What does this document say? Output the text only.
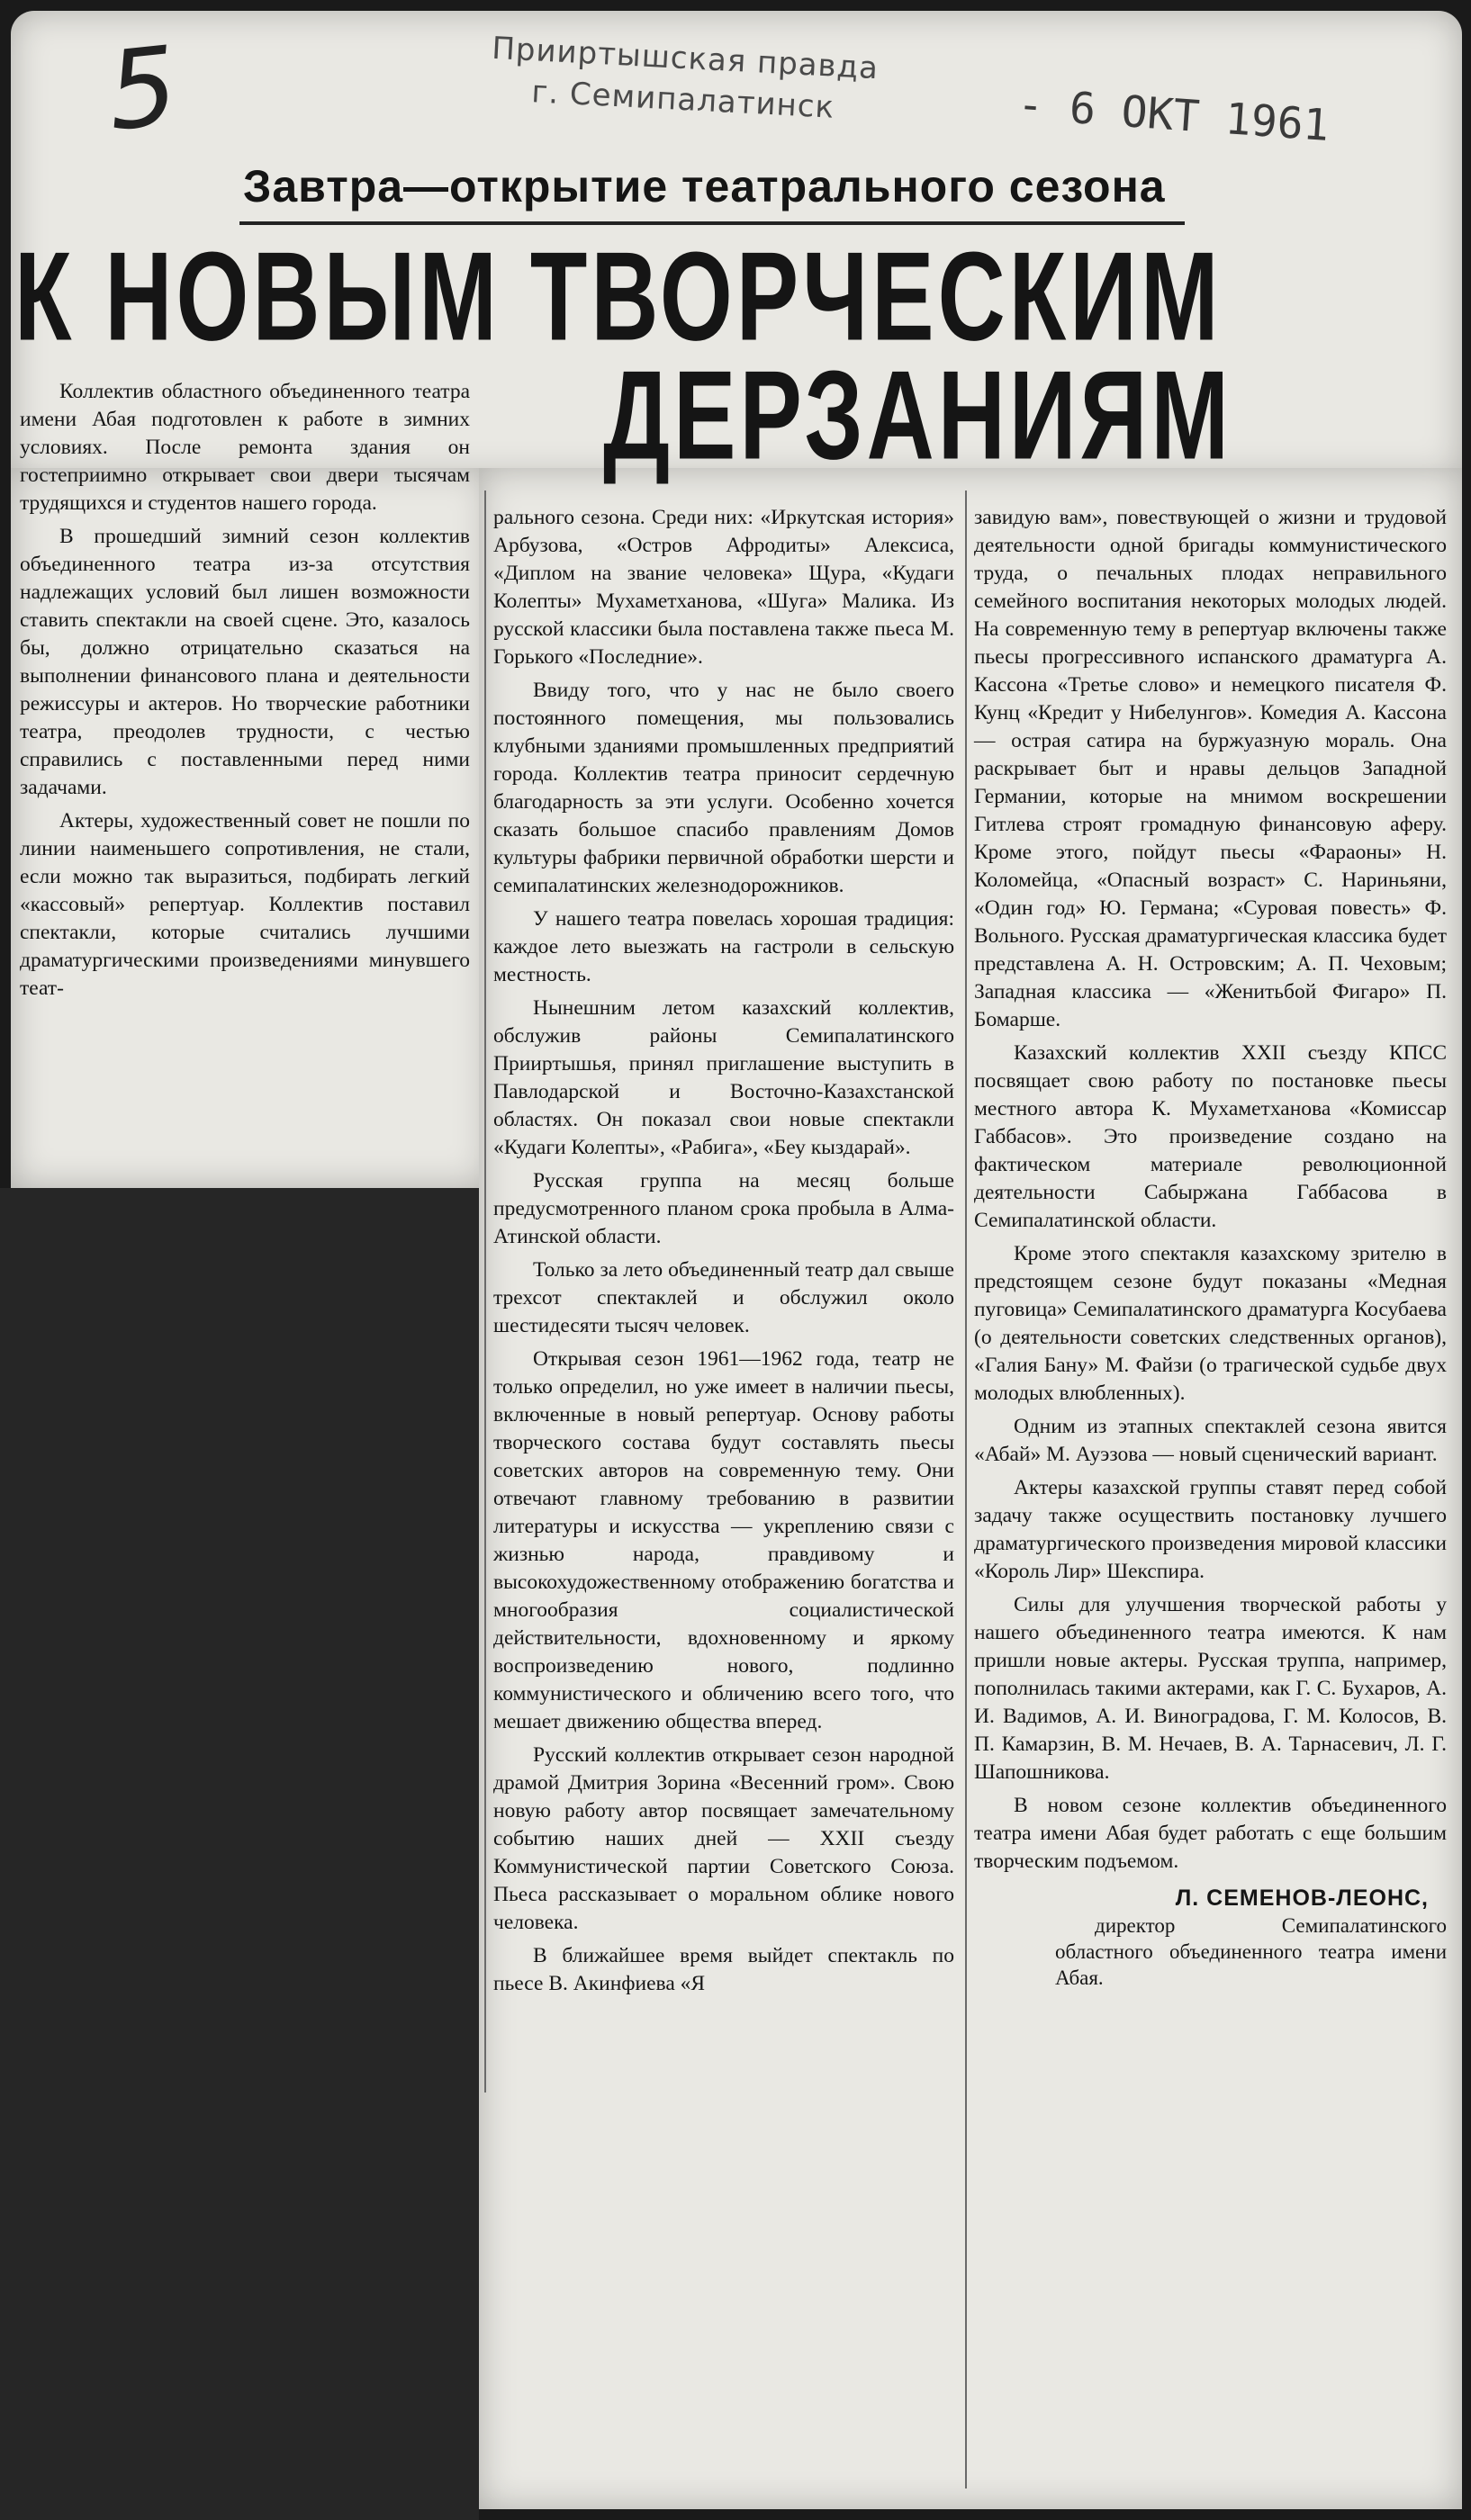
5	Прииртышская правда
г. Семипалатинск	- 6 ОКТ 1961
Завтра—открытие театрального сезона
К НОВЫМ ТВОРЧЕСКИМ
ДЕРЗАНИЯМ

Коллектив областного объединенного театра имени Абая подготовлен к работе в зимних условиях. После ремонта здания он гостеприимно открывает свои двери тысячам трудящихся и студентов нашего города.

В прошедший зимний сезон коллектив объединенного театра из-за отсутствия надлежащих условий был лишен возможности ставить спектакли на своей сцене. Это, казалось бы, должно отрицательно сказаться на выполнении финансового плана и деятельности режиссуры и актеров. Но творческие работники театра, преодолев трудности, с честью справились с поставленными перед ними задачами.

Актеры, художественный совет не пошли по линии наименьшего сопротивления, не стали, если можно так выразиться, подбирать легкий «кассовый» репертуар. Коллектив поставил спектакли, которые считались лучшими драматургическими произведениями минувшего теат-

рального сезона. Среди них: «Иркутская история» Арбузова, «Остров Афродиты» Алексиса, «Диплом на звание человека» Щура, «Кудаги Колепты» Мухаметханова, «Шуга» Малика. Из русской классики была поставлена также пьеса М. Горького «Последние».

Ввиду того, что у нас не было своего постоянного помещения, мы пользовались клубными зданиями промышленных предприятий города. Коллектив театра приносит сердечную благодарность за эти услуги. Особенно хочется сказать большое спасибо правлениям Домов культуры фабрики первичной обработки шерсти и семипалатинских железнодорожников.

У нашего театра повелась хорошая традиция: каждое лето выезжать на гастроли в сельскую местность.

Нынешним летом казахский коллектив, обслужив районы Семипалатинского Прииртышья, принял приглашение выступить в Павлодарской и Восточно-Казахстанской областях. Он показал свои новые спектакли «Кудаги Колепты», «Рабига», «Беу кыздарай».

Русская группа на месяц больше предусмотренного планом срока пробыла в Алма-Атинской области.

Только за лето объединенный театр дал свыше трехсот спектаклей и обслужил около шестидесяти тысяч человек.

Открывая сезон 1961—1962 года, театр не только определил, но уже имеет в наличии пьесы, включенные в новый репертуар. Основу работы творческого состава будут составлять пьесы советских авторов на современную тему. Они отвечают главному требованию в развитии литературы и искусства — укреплению связи с жизнью народа, правдивому и высокохудожественному отображению богатства и многообразия социалистической действительности, вдохновенному и яркому воспроизведению нового, подлинно коммунистического и обличению всего того, что мешает движению общества вперед.

Русский коллектив открывает сезон народной драмой Дмитрия Зорина «Весенний гром». Свою новую работу автор посвящает замечательному событию наших дней — XXII съезду Коммунистической партии Советского Союза. Пьеса рассказывает о моральном облике нового человека.

В ближайшее время выйдет спектакль по пьесе В. Акинфиева «Я

завидую вам», повествующей о жизни и трудовой деятельности одной бригады коммунистического труда, о печальных плодах неправильного семейного воспитания некоторых молодых людей. На современную тему в репертуар включены также пьесы прогрессивного испанского драматурга А. Кассона «Третье слово» и немецкого писателя Ф. Кунц «Кредит у Нибелунгов». Комедия А. Кассона — острая сатира на буржуазную мораль. Она раскрывает быт и нравы дельцов Западной Германии, которые на мнимом воскрешении Гитлева строят громадную финансовую аферу. Кроме этого, пойдут пьесы «Фараоны» Н. Коломейца, «Опасный возраст» С. Нариньяни, «Один год» Ю. Германа; «Суровая повесть» Ф. Вольного. Русская драматургическая классика будет представлена А. Н. Островским; А. П. Чеховым; Западная классика — «Женитьбой Фигаро» П. Бомарше.

Казахский коллектив XXII съезду КПСС посвящает свою работу по постановке пьесы местного автора К. Мухаметханова «Комиссар Габбасов». Это произведение создано на фактическом материале революционной деятельности Сабыржана Габбасова в Семипалатинской области.

Кроме этого спектакля казахскому зрителю в предстоящем сезоне будут показаны «Медная пуговица» Семипалатинского драматурга Косубаева (о деятельности советских следственных органов), «Галия Бану» М. Файзи (о трагической судьбе двух молодых влюбленных).

Одним из этапных спектаклей сезона явится «Абай» М. Ауэзова — новый сценический вариант.

Актеры казахской группы ставят перед собой задачу также осуществить постановку лучшего драматургического произведения мировой классики «Король Лир» Шекспира.

Силы для улучшения творческой работы у нашего объединенного театра имеются. К нам пришли новые актеры. Русская труппа, например, пополнилась такими актерами, как Г. С. Бухаров, А. И. Вадимов, А. И. Виноградова, Г. М. Колосов, В. П. Камарзин, В. М. Нечаев, В. А. Тарнасевич, Л. Г. Шапошникова.

В новом сезоне коллектив объединенного театра имени Абая будет работать с еще большим творческим подъемом.

Л. СЕМЕНОВ-ЛЕОНС,

директор Семипалатинского областного объединенного театра имени Абая.
